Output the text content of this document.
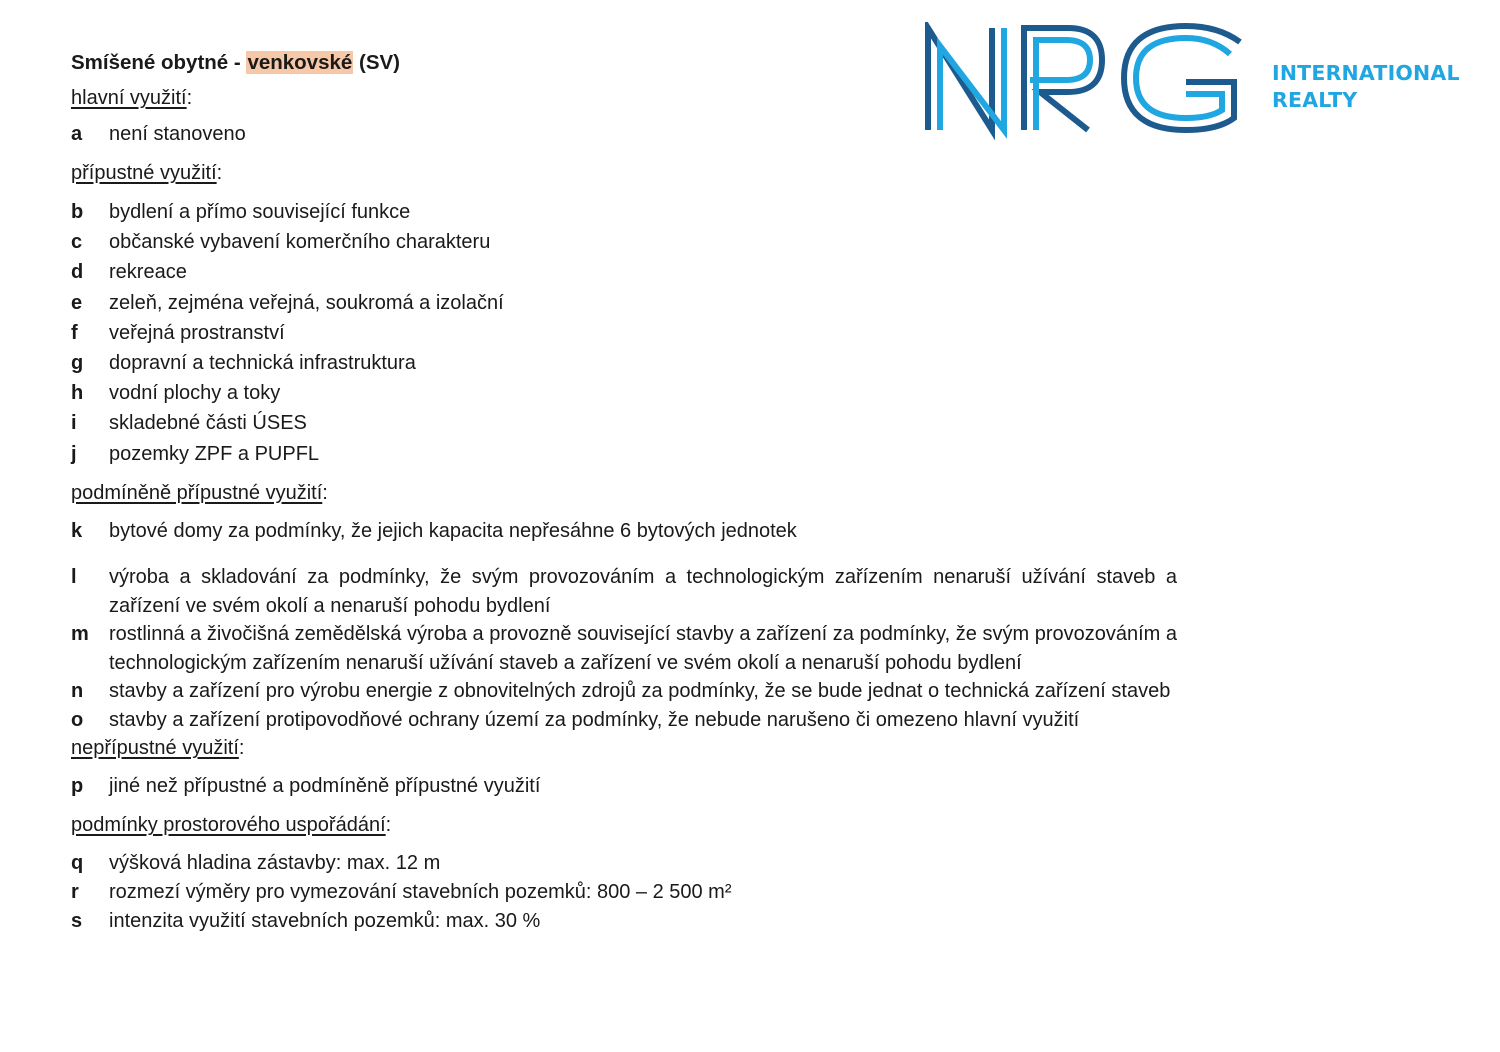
INTERNATIONAL
REALTY
Smíšené obytné - venkovské (SV)
hlavní využití:
a	není stanoveno
přípustné využití:
b	bydlení a přímo související funkce
c	občanské vybavení komerčního charakteru
d	rekreace
e	zeleň, zejména veřejná, soukromá a izolační
f	veřejná prostranství
g	dopravní a technická infrastruktura
h	vodní plochy a toky
i	skladebné části ÚSES
j	pozemky ZPF a PUPFL
podmíněně přípustné využití:
k	bytové domy za podmínky, že jejich kapacita nepřesáhne 6 bytových jednotek
l	výroba a skladování za podmínky, že svým provozováním a technologickým zařízením nenaruší užívání staveb a zařízení ve svém okolí a nenaruší pohodu bydlení
m	rostlinná a živočišná zemědělská výroba a provozně související stavby a zařízení za podmínky, že svým provozováním a technologickým zařízením nenaruší užívání staveb a zařízení ve svém okolí a nenaruší pohodu bydlení
n	stavby a zařízení pro výrobu energie z obnovitelných zdrojů za podmínky, že se bude jednat o technická zařízení staveb
o	stavby a zařízení protipovodňové ochrany území za podmínky, že nebude narušeno či omezeno hlavní využití
nepřípustné využití:
p	jiné než přípustné a podmíněně přípustné využití
podmínky prostorového uspořádání:
q	výšková hladina zástavby: max. 12 m
r	rozmezí výměry pro vymezování stavebních pozemků: 800 – 2 500 m²
s	intenzita využití stavebních pozemků: max. 30 %
